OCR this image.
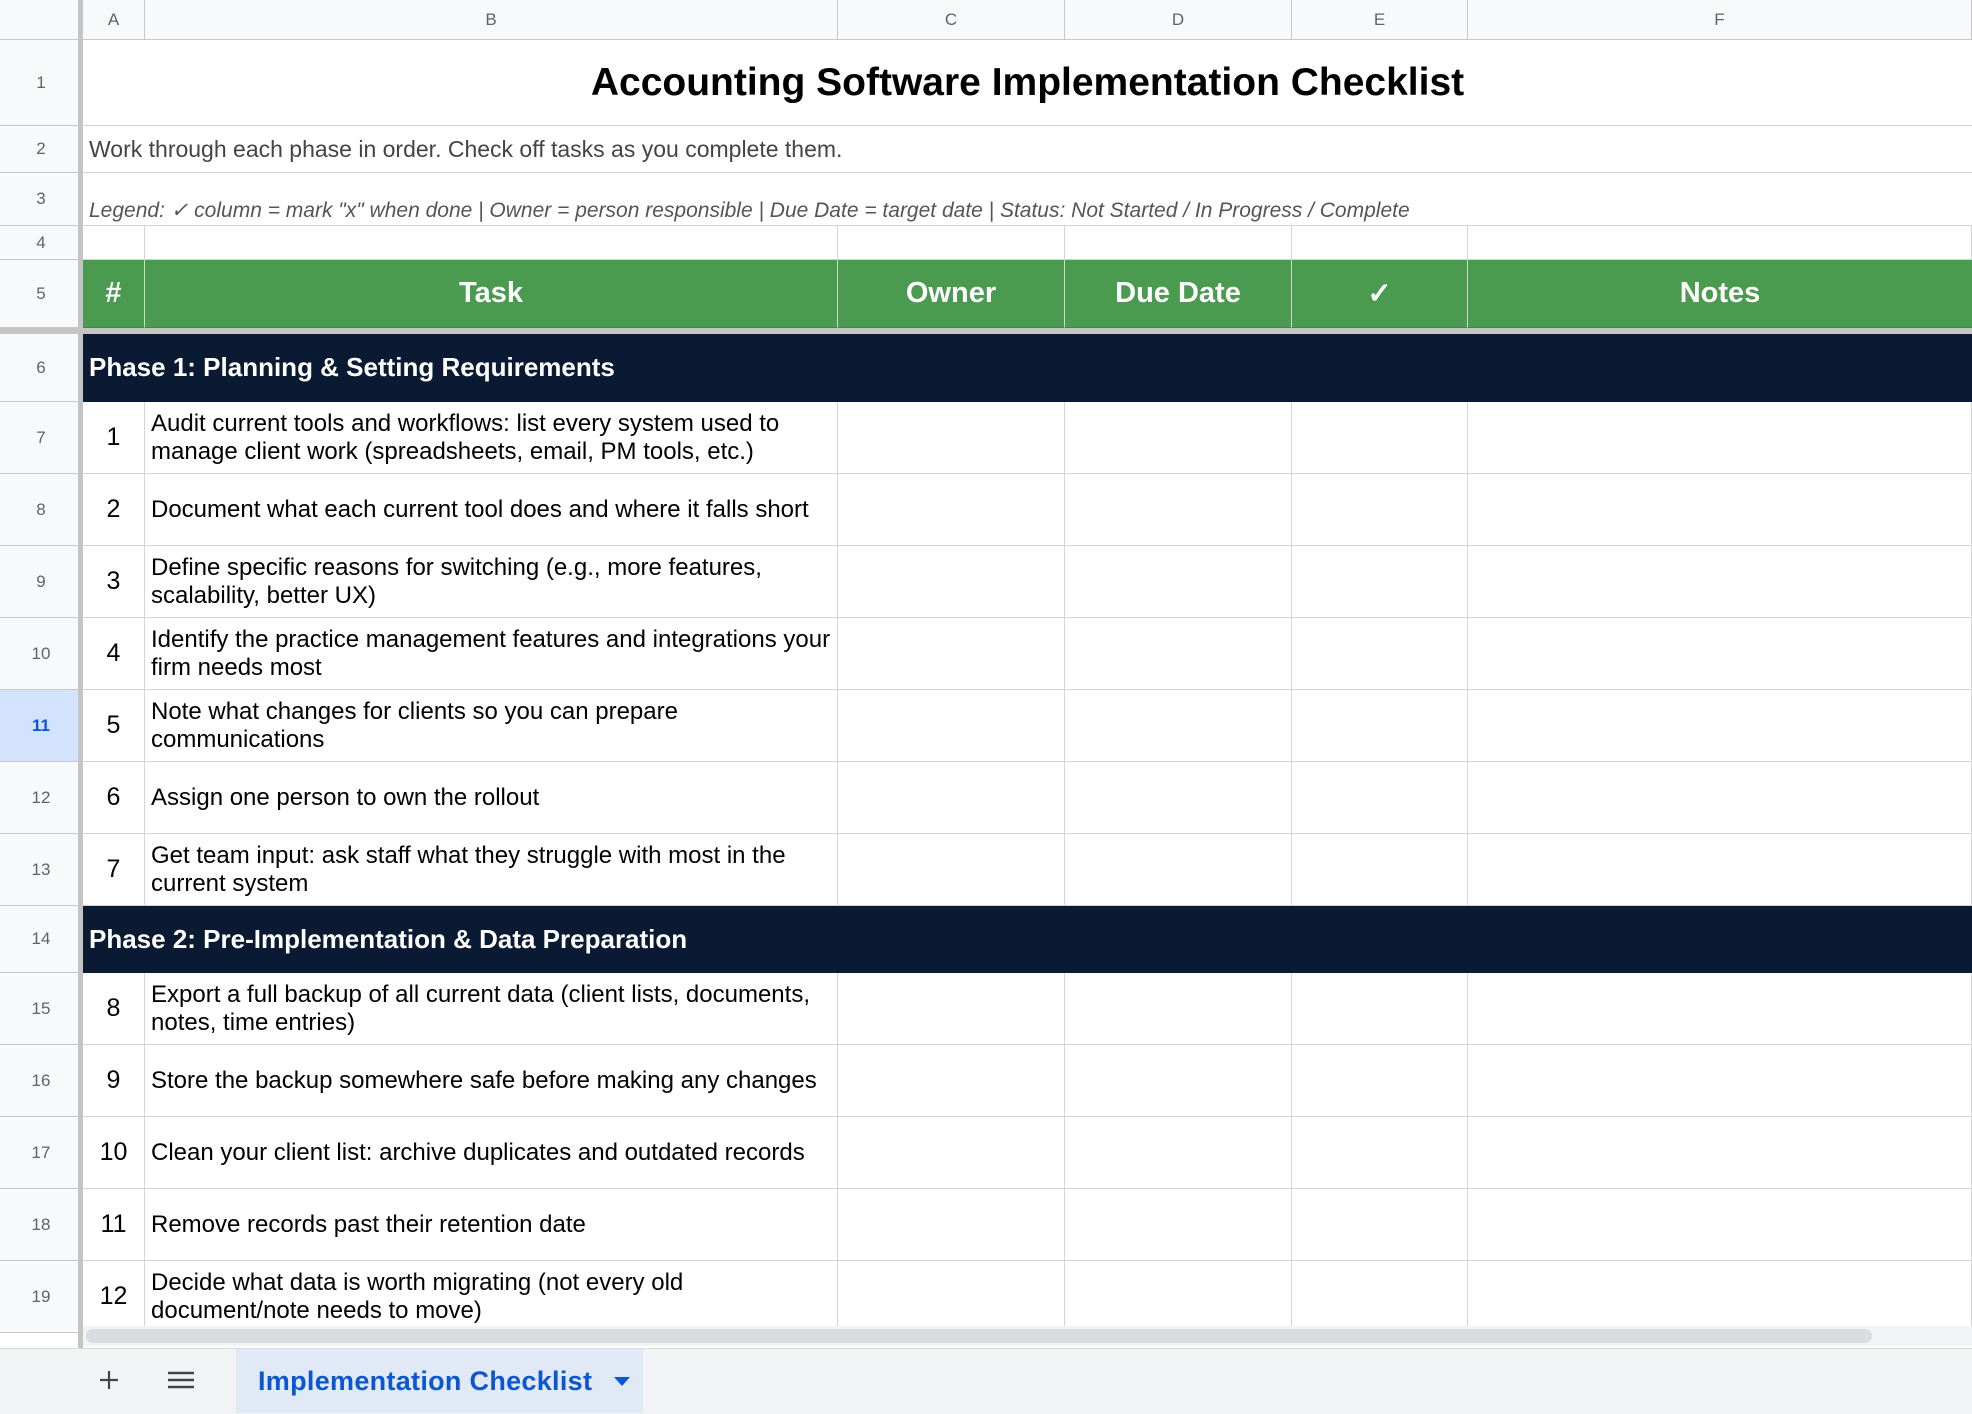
A	B	C	D	E	F
1
2
3
4
5
6
7
8
9
10
11
12
13
14
15
16
17
18
19
Accounting Software Implementation Checklist
Work through each phase in order. Check off tasks as you complete them.
Legend: ✓ column = mark "x" when done | Owner = person responsible | Due Date = target date | Status: Not Started / In Progress / Complete
#	Task	Owner	Due Date	✓	Notes
Phase 1: Planning & Setting Requirements
1	Audit current tools and workflows: list every system used to manage client work (spreadsheets, email, PM tools, etc.)
2	Document what each current tool does and where it falls short
3	Define specific reasons for switching (e.g., more features, scalability, better UX)
4	Identify the practice management features and integrations your firm needs most
5	Note what changes for clients so you can prepare communications
6	Assign one person to own the rollout
7	Get team input: ask staff what they struggle with most in the current system
Phase 2: Pre-Implementation & Data Preparation
8	Export a full backup of all current data (client lists, documents, notes, time entries)
9	Store the backup somewhere safe before making any changes
10 Clean your client list: archive duplicates and outdated records
11	Remove records past their retention date
12 Decide what data is worth migrating (not every old document/note needs to move)
Implementation Checklist
